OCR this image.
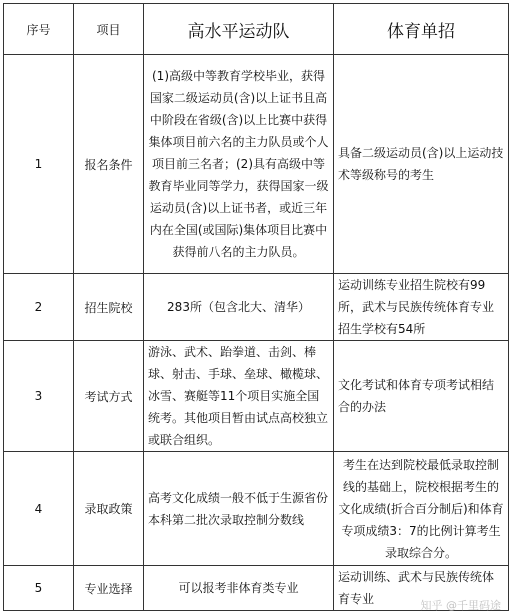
序号	项目	高水平运动队	体育单招
1	报名条件	(1)高级中等教育学校毕业，获得国家二级运动员(含)以上证书且高中阶段在省级(含)以上比赛中获得集体项目前六名的主力队员或个人项目前三名者；(2)具有高级中等教育毕业同等学力，获得国家一级运动员(含)以上证书者，或近三年内在全国(或国际)集体项目比赛中获得前八名的主力队员。	具备二级运动员(含)以上运动技术等级称号的考生
2	招生院校	283所（包含北大、清华）	运动训练专业招生院校有99所，武术与民族传统体育专业招生学校有54所
3	考试方式	游泳、武术、跆拳道、击剑、棒球、射击、手球、垒球、橄榄球、冰雪、赛艇等11个项目实施全国统考。其他项目暂由试点高校独立或联合组织。	文化考试和体育专项考试相结合的办法
4	录取政策	高考文化成绩一般不低于生源省份本科第二批次录取控制分数线	考生在达到院校最低录取控制线的基础上，院校根据考生的文化成绩(折合百分制后)和体育专项成绩3：7的比例计算考生录取综合分。
5	专业选择	可以报考非体育类专业	运动训练、武术与民族传统体育专业	知乎 @千里码途
